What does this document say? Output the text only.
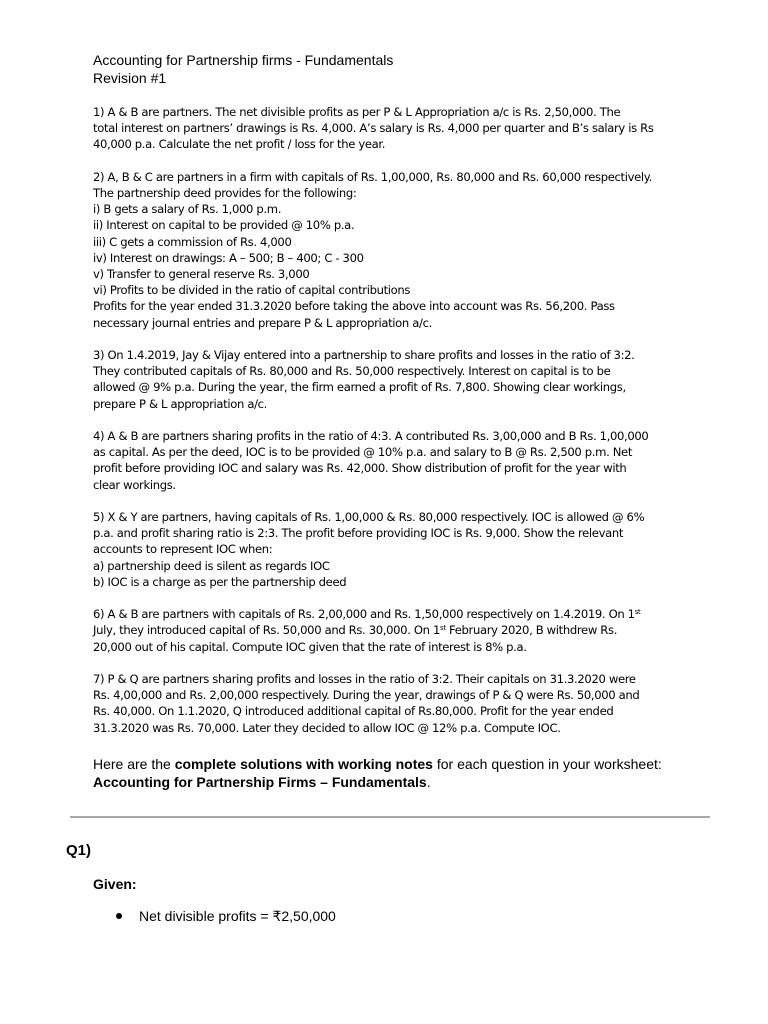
Accounting for Partnership firms - Fundamentals
Revision #1
1) A & B are partners. The net divisible profits as per P & L Appropriation a/c is Rs. 2,50,000. The
total interest on partners’ drawings is Rs. 4,000. A’s salary is Rs. 4,000 per quarter and B’s salary is Rs
40,000 p.a. Calculate the net profit / loss for the year.
2) A, B & C are partners in a firm with capitals of Rs. 1,00,000, Rs. 80,000 and Rs. 60,000 respectively.
The partnership deed provides for the following:
i) B gets a salary of Rs. 1,000 p.m.
ii) Interest on capital to be provided @ 10% p.a.
iii) C gets a commission of Rs. 4,000
iv) Interest on drawings: A – 500; B – 400; C - 300
v) Transfer to general reserve Rs. 3,000
vi) Profits to be divided in the ratio of capital contributions
Profits for the year ended 31.3.2020 before taking the above into account was Rs. 56,200. Pass
necessary journal entries and prepare P & L appropriation a/c.
3) On 1.4.2019, Jay & Vijay entered into a partnership to share profits and losses in the ratio of 3:2.
They contributed capitals of Rs. 80,000 and Rs. 50,000 respectively. Interest on capital is to be
allowed @ 9% p.a. During the year, the firm earned a profit of Rs. 7,800. Showing clear workings,
prepare P & L appropriation a/c.
4) A & B are partners sharing profits in the ratio of 4:3. A contributed Rs. 3,00,000 and B Rs. 1,00,000
as capital. As per the deed, IOC is to be provided @ 10% p.a. and salary to B @ Rs. 2,500 p.m. Net
profit before providing IOC and salary was Rs. 42,000. Show distribution of profit for the year with
clear workings.
5) X & Y are partners, having capitals of Rs. 1,00,000 & Rs. 80,000 respectively. IOC is allowed @ 6%
p.a. and profit sharing ratio is 2:3. The profit before providing IOC is Rs. 9,000. Show the relevant
accounts to represent IOC when:
a) partnership deed is silent as regards IOC
b) IOC is a charge as per the partnership deed
6) A & B are partners with capitals of Rs. 2,00,000 and Rs. 1,50,000 respectively on 1.4.2019. On 1st
July, they introduced capital of Rs. 50,000 and Rs. 30,000. On 1st February 2020, B withdrew Rs.
20,000 out of his capital. Compute IOC given that the rate of interest is 8% p.a.
7) P & Q are partners sharing profits and losses in the ratio of 3:2. Their capitals on 31.3.2020 were
Rs. 4,00,000 and Rs. 2,00,000 respectively. During the year, drawings of P & Q were Rs. 50,000 and
Rs. 40,000. On 1.1.2020, Q introduced additional capital of Rs.80,000. Profit for the year ended
31.3.2020 was Rs. 70,000. Later they decided to allow IOC @ 12% p.a. Compute IOC.
Here are the complete solutions with working notes for each question in your worksheet:
Accounting for Partnership Firms – Fundamentals.
Q1)
Given:
Net divisible profits = ₹2,50,000
